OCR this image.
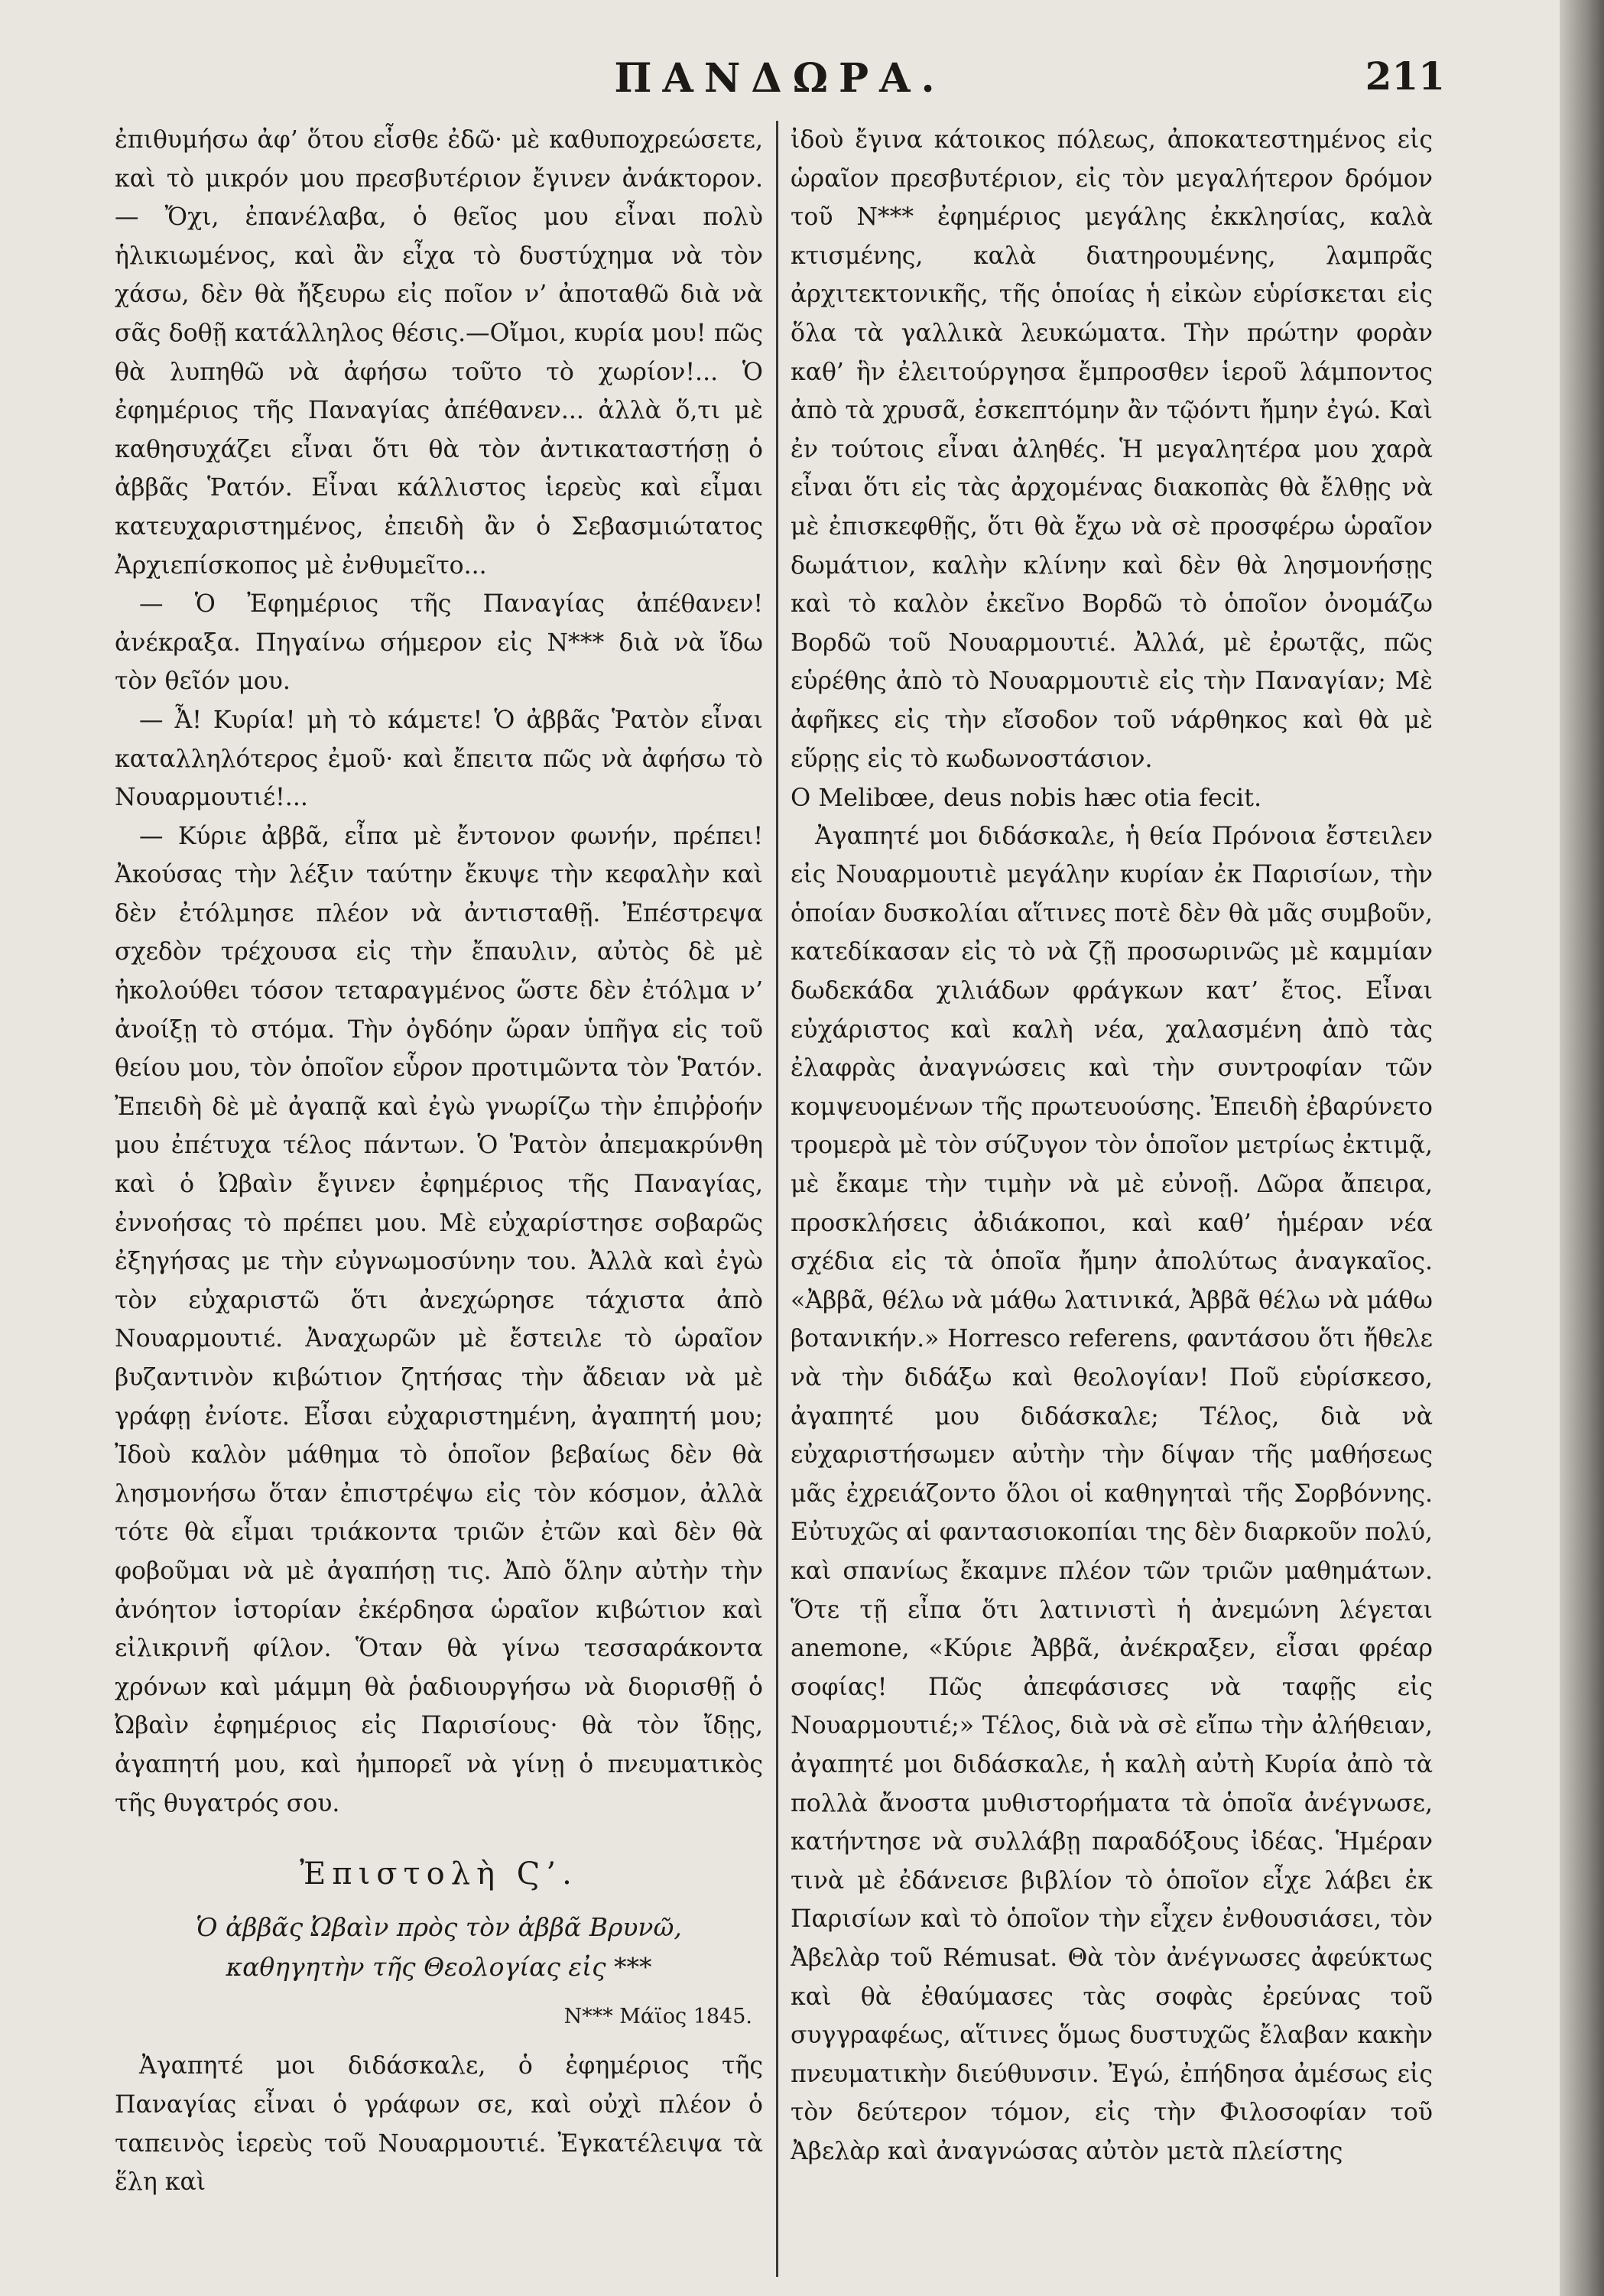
ΠΑΝΔΩΡΑ.	211

ἐπιθυμήσω ἀφ’ ὅτου εἶσθε ἐδῶ· μὲ καθυποχρεώσετε, καὶ τὸ μικρόν μου πρεσβυτέριον ἔγινεν ἀνάκτορον.— Ὄχι, ἐπανέλαβα, ὁ θεῖος μου εἶναι πολὺ ἡλικιωμένος, καὶ ἂν εἶχα τὸ δυστύχημα νὰ τὸν χάσω, δὲν θὰ ἤξευρω εἰς ποῖον ν’ ἀποταθῶ διὰ νὰ σᾶς δοθῇ κατάλληλος θέσις.—Οἴμοι, κυρία μου! πῶς θὰ λυπηθῶ νὰ ἀφήσω τοῦτο τὸ χωρίον!... Ὁ ἐφημέριος τῆς Παναγίας ἀπέθανεν... ἀλλὰ ὅ,τι μὲ καθησυχάζει εἶναι ὅτι θὰ τὸν ἀντικαταστήσῃ ὁ ἀββᾶς Ῥατόν. Εἶναι κάλλιστος ἱερεὺς καὶ εἶμαι κατευχαριστημένος, ἐπειδὴ ἂν ὁ Σεβασμιώτατος Ἀρχιεπίσκοπος μὲ ἐνθυμεῖτο...

— Ὁ Ἐφημέριος τῆς Παναγίας ἀπέθανεν! ἀνέκραξα. Πηγαίνω σήμερον εἰς Ν*** διὰ νὰ ἴδω τὸν θεῖόν μου.

— Ἆ! Κυρία! μὴ τὸ κάμετε! Ὁ ἀββᾶς Ῥατὸν εἶναι καταλληλότερος ἐμοῦ· καὶ ἔπειτα πῶς νὰ ἀφήσω τὸ Νουαρμουτιέ!...

— Κύριε ἀββᾶ, εἶπα μὲ ἔντονον φωνήν, πρέπει! Ἀκούσας τὴν λέξιν ταύτην ἔκυψε τὴν κεφαλὴν καὶ δὲν ἐτόλμησε πλέον νὰ ἀντισταθῇ. Ἐπέστρεψα σχεδὸν τρέχουσα εἰς τὴν ἔπαυλιν, αὐτὸς δὲ μὲ ἠκολούθει τόσον τεταραγμένος ὥστε δὲν ἐτόλμα ν’ ἀνοίξῃ τὸ στόμα. Τὴν ὀγδόην ὥραν ὑπῆγα εἰς τοῦ θείου μου, τὸν ὁποῖον εὗρον προτιμῶντα τὸν Ῥατόν. Ἐπειδὴ δὲ μὲ ἀγαπᾷ καὶ ἐγὼ γνωρίζω τὴν ἐπιῤῥοήν μου ἐπέτυχα τέλος πάντων. Ὁ Ῥατὸν ἀπεμακρύνθη καὶ ὁ Ὠβαὶν ἔγινεν ἐφημέριος τῆς Παναγίας, ἐννοήσας τὸ πρέπει μου. Μὲ εὐχαρίστησε σοβαρῶς ἐξηγήσας με τὴν εὐγνωμοσύνην του. Ἀλλὰ καὶ ἐγὼ τὸν εὐχαριστῶ ὅτι ἀνεχώρησε τάχιστα ἀπὸ Νουαρμουτιέ. Ἀναχωρῶν μὲ ἔστειλε τὸ ὡραῖον βυζαντινὸν κιβώτιον ζητήσας τὴν ἄδειαν νὰ μὲ γράφῃ ἐνίοτε. Εἶσαι εὐχαριστημένη, ἀγαπητή μου; Ἰδοὺ καλὸν μάθημα τὸ ὁποῖον βεβαίως δὲν θὰ λησμονήσω ὅταν ἐπιστρέψω εἰς τὸν κόσμον, ἀλλὰ τότε θὰ εἶμαι τριάκοντα τριῶν ἐτῶν καὶ δὲν θὰ φοβοῦμαι νὰ μὲ ἀγαπήσῃ τις. Ἀπὸ ὅλην αὐτὴν τὴν ἀνόητον ἱστορίαν ἐκέρδησα ὡραῖον κιβώτιον καὶ εἰλικρινῆ φίλον. Ὅταν θὰ γίνω τεσσαράκοντα χρόνων καὶ μάμμη θὰ ῥαδιουργήσω νὰ διορισθῇ ὁ Ὠβαὶν ἐφημέριος εἰς Παρισίους· θὰ τὸν ἴδῃς, ἀγαπητή μου, καὶ ἠμπορεῖ νὰ γίνῃ ὁ πνευματικὸς τῆς θυγατρός σου.

Ἐπιστολὴ Ϛ’.
Ὁ ἀββᾶς Ὠβαὶν πρὸς τὸν ἀββᾶ Βρυνῶ, καθηγητὴν τῆς Θεολογίας εἰς ***
Ν*** Μάϊος 1845.

Ἀγαπητέ μοι διδάσκαλε, ὁ ἐφημέριος τῆς Παναγίας εἶναι ὁ γράφων σε, καὶ οὐχὶ πλέον ὁ ταπεινὸς ἱερεὺς τοῦ Νουαρμουτιέ. Ἐγκατέλειψα τὰ ἕλη καὶ

ἰδοὺ ἔγινα κάτοικος πόλεως, ἀποκατεστημένος εἰς ὡραῖον πρεσβυτέριον, εἰς τὸν μεγαλήτερον δρόμον τοῦ Ν*** ἐφημέριος μεγάλης ἐκκλησίας, καλὰ κτισμένης, καλὰ διατηρουμένης, λαμπρᾶς ἀρχιτεκτονικῆς, τῆς ὁποίας ἡ εἰκὼν εὑρίσκεται εἰς ὅλα τὰ γαλλικὰ λευκώματα. Τὴν πρώτην φορὰν καθ’ ἣν ἐλειτούργησα ἔμπροσθεν ἱεροῦ λάμποντος ἀπὸ τὰ χρυσᾶ, ἐσκεπτόμην ἂν τῷόντι ἤμην ἐγώ. Καὶ ἐν τούτοις εἶναι ἀληθές. Ἡ μεγαλητέρα μου χαρὰ εἶναι ὅτι εἰς τὰς ἀρχομένας διακοπὰς θὰ ἔλθῃς νὰ μὲ ἐπισκεφθῇς, ὅτι θὰ ἔχω νὰ σὲ προσφέρω ὡραῖον δωμάτιον, καλὴν κλίνην καὶ δὲν θὰ λησμονήσῃς καὶ τὸ καλὸν ἐκεῖνο Βορδῶ τὸ ὁποῖον ὀνομάζω Βορδῶ τοῦ Νουαρμουτιέ. Ἀλλά, μὲ ἐρωτᾷς, πῶς εὑρέθης ἀπὸ τὸ Νουαρμουτιὲ εἰς τὴν Παναγίαν; Μὲ ἀφῆκες εἰς τὴν εἴσοδον τοῦ νάρθηκος καὶ θὰ μὲ εὕρῃς εἰς τὸ κωδωνοστάσιον.

O Melibœe, deus nobis hæc otia fecit.

Ἀγαπητέ μοι διδάσκαλε, ἡ θεία Πρόνοια ἔστειλεν εἰς Νουαρμουτιὲ μεγάλην κυρίαν ἐκ Παρισίων, τὴν ὁποίαν δυσκολίαι αἵτινες ποτὲ δὲν θὰ μᾶς συμβοῦν, κατεδίκασαν εἰς τὸ νὰ ζῇ προσωρινῶς μὲ καμμίαν δωδεκάδα χιλιάδων φράγκων κατ’ ἔτος. Εἶναι εὐχάριστος καὶ καλὴ νέα, χαλασμένη ἀπὸ τὰς ἐλαφρὰς ἀναγνώσεις καὶ τὴν συντροφίαν τῶν κομψευομένων τῆς πρωτευούσης. Ἐπειδὴ ἐβαρύνετο τρομερὰ μὲ τὸν σύζυγον τὸν ὁποῖον μετρίως ἐκτιμᾷ, μὲ ἔκαμε τὴν τιμὴν νὰ μὲ εὐνοῇ. Δῶρα ἄπειρα, προσκλήσεις ἀδιάκοποι, καὶ καθ’ ἡμέραν νέα σχέδια εἰς τὰ ὁποῖα ἤμην ἀπολύτως ἀναγκαῖος. «Ἀββᾶ, θέλω νὰ μάθω λατινικά, Ἀββᾶ θέλω νὰ μάθω βοτανικήν.» Horresco referens, φαντάσου ὅτι ἤθελε νὰ τὴν διδάξω καὶ θεολογίαν! Ποῦ εὑρίσκεσο, ἀγαπητέ μου διδάσκαλε; Τέλος, διὰ νὰ εὐχαριστήσωμεν αὐτὴν τὴν δίψαν τῆς μαθήσεως μᾶς ἐχρειάζοντο ὅλοι οἱ καθηγηταὶ τῆς Σορβόννης. Εὐτυχῶς αἱ φαντασιοκοπίαι της δὲν διαρκοῦν πολύ, καὶ σπανίως ἔκαμνε πλέον τῶν τριῶν μαθημάτων. Ὅτε τῇ εἶπα ὅτι λατινιστὶ ἡ ἀνεμώνη λέγεται anemone, «Κύριε Ἀββᾶ, ἀνέκραξεν, εἶσαι φρέαρ σοφίας! Πῶς ἀπεφάσισες νὰ ταφῇς εἰς Νουαρμουτιέ;» Τέλος, διὰ νὰ σὲ εἴπω τὴν ἀλήθειαν, ἀγαπητέ μοι διδάσκαλε, ἡ καλὴ αὐτὴ Κυρία ἀπὸ τὰ πολλὰ ἄνοστα μυθιστορήματα τὰ ὁποῖα ἀνέγνωσε, κατήντησε νὰ συλλάβῃ παραδόξους ἰδέας. Ἡμέραν τινὰ μὲ ἐδάνεισε βιβλίον τὸ ὁποῖον εἶχε λάβει ἐκ Παρισίων καὶ τὸ ὁποῖον τὴν εἶχεν ἐνθουσιάσει, τὸν Ἀβελὰρ τοῦ Rémusat. Θὰ τὸν ἀνέγνωσες ἀφεύκτως καὶ θὰ ἐθαύμασες τὰς σοφὰς ἐρεύνας τοῦ συγγραφέως, αἵτινες ὅμως δυστυχῶς ἔλαβαν κακὴν πνευματικὴν διεύθυνσιν. Ἐγώ, ἐπήδησα ἀμέσως εἰς τὸν δεύτερον τόμον, εἰς τὴν Φιλοσοφίαν τοῦ Ἀβελὰρ καὶ ἀναγνώσας αὐτὸν μετὰ πλείστης
